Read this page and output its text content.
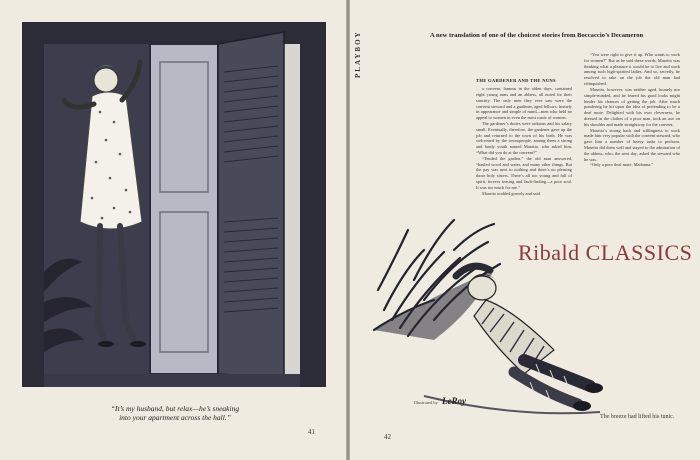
“It’s my husband, but relax—he’s sneaking
into your apartment across the hall.”
41
PLAYBOY	A new translation of one of the choicest stories from Boccaccio’s Decameron
THE GARDENER AND THE NUNS

a convent, famous in the olden days, contained eight young nuns and an abbess, all noted for their sanctity. The only men they ever saw were the convent steward and a gardener, aged fellows, homely in appearance and simple of mind—men who held no appeal to women in even the most rustic of women.

The gardener’s duties were arduous and his salary small. Eventually, therefore, the gardener gave up the job and returned to the town of his birth. He was welcomed by the townspeople, among them a strong and hardy youth named Masetto, who asked him, “What did you do at the convent?”

“Tended the garden,” the old man answered, “hauled wood and water, and many other things. But the pay was next to nothing and there’s no pleasing those holy sisters. There’s all too young and full of spirit, forever teasing and fault-finding—a poor soul. It was too much for me.”

Masetto nodded gravely and said

“You were right to give it up. Who wants to work for women?” But as he said these words, Masetto was thinking what a pleasure it would be to live and work among such high-spirited ladies. And so, secretly, he resolved to take on the job the old man had relinquished.

Masetto, however, was neither aged, homely nor simple-minded, and he feared his good looks might hinder his chances of getting the job. After much pondering he hit upon the idea of pretending to be a deaf mute. Delighted with his own cleverness, he dressed in the clothes of a poor man, took an axe on his shoulder and made straightway for the convent.

Masetto’s strong back and willingness to work made him very popular with the convent steward, who gave him a number of heavy tasks to perform. Masetto did them well and stayed to the admiration of the abbess, who, the next day, asked the steward who he was.

“Only a poor deaf mute, Madonna.”

Ribald CLASSICS
Illustrated by LeRoy
The breeze had lifted his tunic.
42
